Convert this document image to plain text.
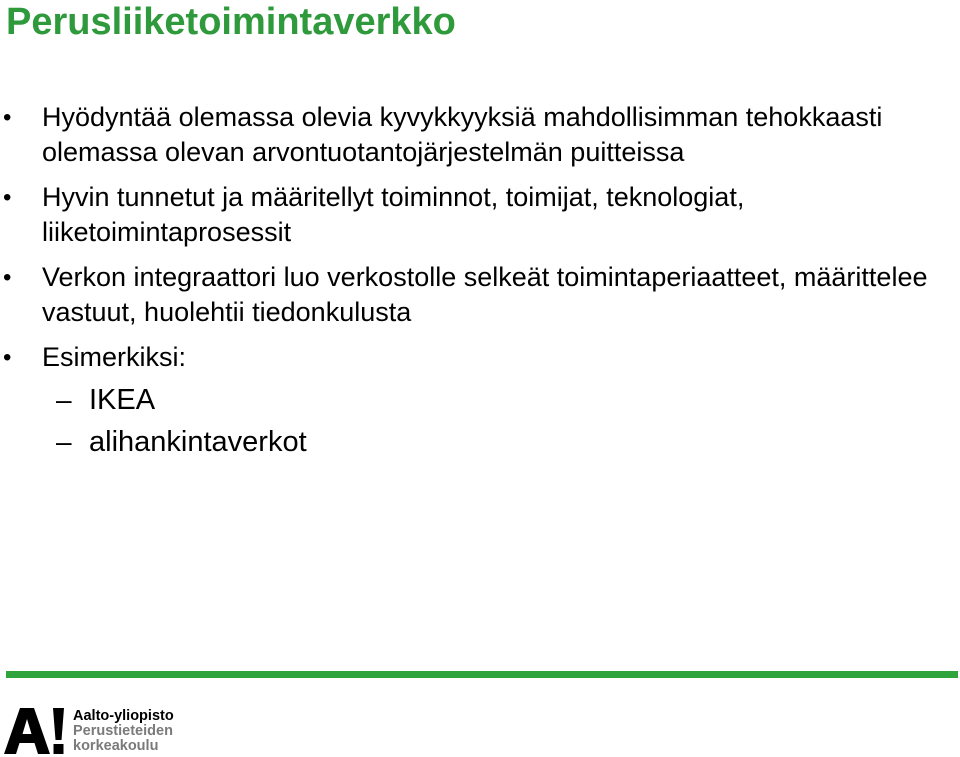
Perusliiketoimintaverkko
• Hyödyntää olemassa olevia kyvykkyyksiä mahdollisimman tehokkaasti olemassa olevan arvontuotantojärjestelmän puitteissa
• Hyvin tunnetut ja määritellyt toiminnot, toimijat, teknologiat, liiketoimintaprosessit
• Verkon integraattori luo verkostolle selkeät toimintaperiaatteet, määrittelee vastuut, huolehtii tiedonkulusta
• Esimerkiksi:
– IKEA
– alihankintaverkot
Aalto-yliopisto
Perustieteiden
korkeakoulu
